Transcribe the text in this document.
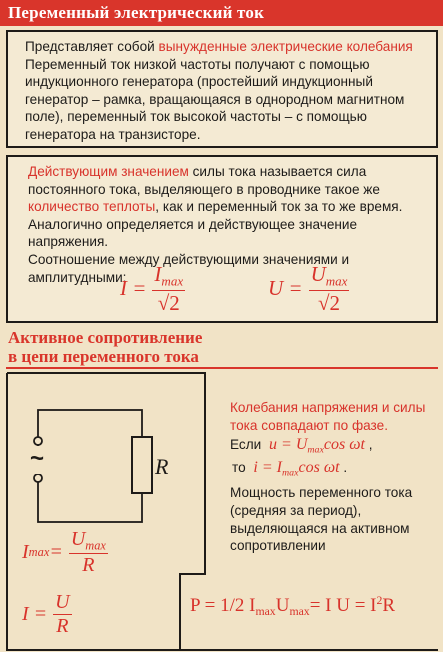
Переменный электрический ток
Представляет собой вынужденные электрические колебания
Переменный ток низкой частоты получают с помощью
индукционного генератора (простейший индукционный
генератор – рамка, вращающаяся в однородном магнитном
поле), переменный ток высокой частоты – с помощью
генератора на транзисторе.
Действующим значением силы тока называется сила
постоянного тока, выделяющего в проводнике такое же
количество теплоты, как и переменный ток за то же время.
Аналогично определяется и действующее значение напряжения.
Соотношение между действующими значениями и
амплитудными:
$I = \frac{I_{max}}{√2}$	$U = \frac{U_{max}}{√2}$
Активное сопротивление
в цепи переменного тока
~	R
Колебания напряжения и силы
тока совпадают по фазе.
Если $u = U_{max}\cos$ ωt ,
то $i = I_{max}\cos$ ωt .
Мощность переменного тока
(средняя за период),
выделяющаяся на активном
сопротивлении
I $\max = \frac{U_{max}}{R}$
$I = \frac{U}{R}$	P = 1/2 $I_{max}U_{max}= I$ $U = I^2R$
